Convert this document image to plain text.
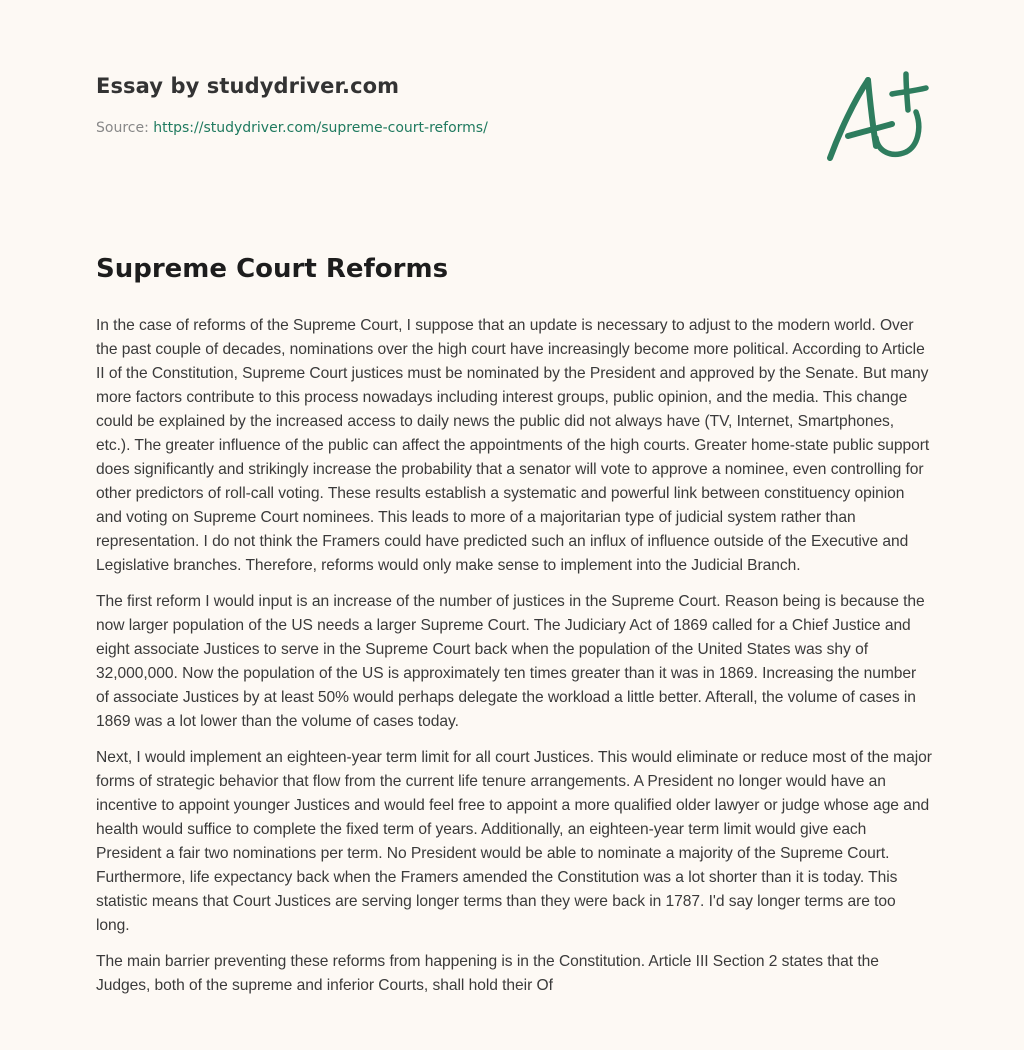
Essay by studydriver.com
Source: https://studydriver.com/supreme-court-reforms/
Supreme Court Reforms

In the case of reforms of the Supreme Court, I suppose that an update is necessary to adjust to the modern world. Over the past couple of decades, nominations over the high court have increasingly become more political. According to Article II of the Constitution, Supreme Court justices must be nominated by the President and approved by the Senate. But many more factors contribute to this process nowadays including interest groups, public opinion, and the media. This change could be explained by the increased access to daily news the public did not always have (TV, Internet, Smartphones, etc.). The greater influence of the public can affect the appointments of the high courts. Greater home-state public support does significantly and strikingly increase the probability that a senator will vote to approve a nominee, even controlling for other predictors of roll-call voting. These results establish a systematic and powerful link between constituency opinion and voting on Supreme Court nominees. This leads to more of a majoritarian type of judicial system rather than representation. I do not think the Framers could have predicted such an influx of influence outside of the Executive and Legislative branches. Therefore, reforms would only make sense to implement into the Judicial Branch.

The first reform I would input is an increase of the number of justices in the Supreme Court. Reason being is because the now larger population of the US needs a larger Supreme Court. The Judiciary Act of 1869 called for a Chief Justice and eight associate Justices to serve in the Supreme Court back when the population of the United States was shy of 32,000,000. Now the population of the US is approximately ten times greater than it was in 1869. Increasing the number of associate Justices by at least 50% would perhaps delegate the workload a little better. Afterall, the volume of cases in 1869 was a lot lower than the volume of cases today.

Next, I would implement an eighteen-year term limit for all court Justices. This would eliminate or reduce most of the major forms of strategic behavior that flow from the current life tenure arrangements. A President no longer would have an incentive to appoint younger Justices and would feel free to appoint a more qualified older lawyer or judge whose age and health would suffice to complete the fixed term of years. Additionally, an eighteen-year term limit would give each President a fair two nominations per term. No President would be able to nominate a majority of the Supreme Court. Furthermore, life expectancy back when the Framers amended the Constitution was a lot shorter than it is today. This statistic means that Court Justices are serving longer terms than they were back in 1787. I'd say longer terms are too long.

The main barrier preventing these reforms from happening is in the Constitution. Article III Section 2 states that the Judges, both of the supreme and inferior Courts, shall hold their Of
